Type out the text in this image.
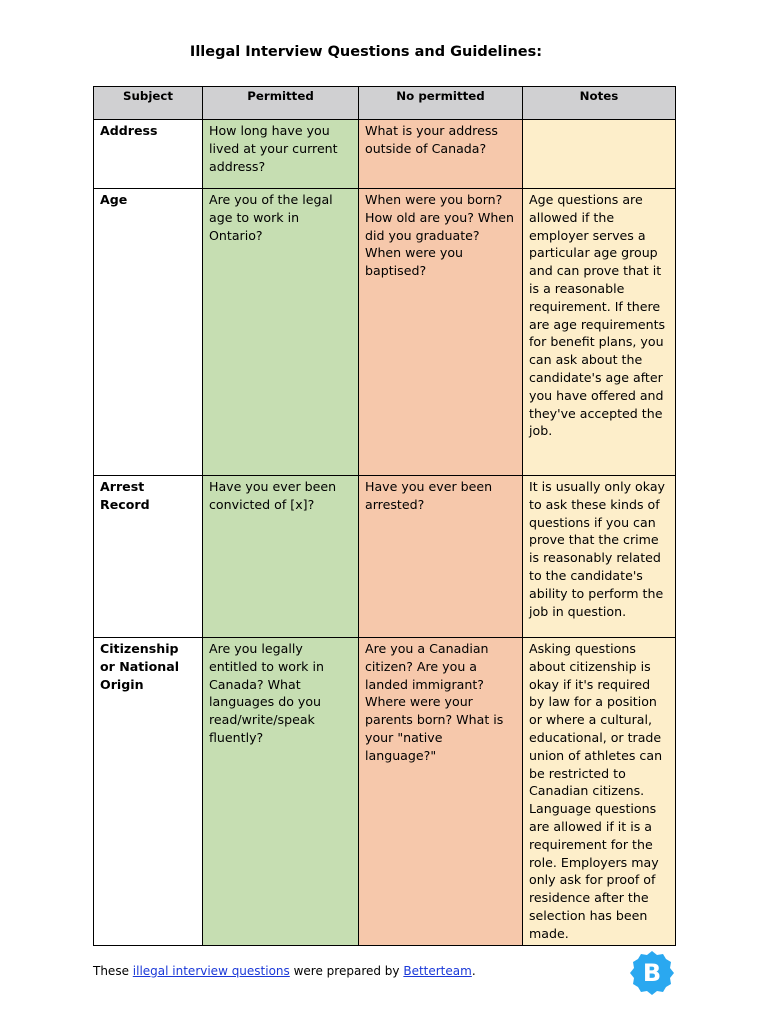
Illegal Interview Questions and Guidelines:
Subject	Permitted	No permitted	Notes
Address	How long have you lived at your current address?	What is your address outside of Canada?	
Age	Are you of the legal age to work in Ontario?	When were you born? How old are you? When did you graduate? When were you baptised?	Age questions are allowed if the employer serves a particular age group and can prove that it is a reasonable requirement. If there are age requirements for benefit plans, you can ask about the candidate's age after you have offered and they've accepted the job.
Arrest Record	Have you ever been convicted of [x]?	Have you ever been arrested?	It is usually only okay to ask these kinds of questions if you can prove that the crime is reasonably related to the candidate's ability to perform the job in question.
Citizenship or National Origin	Are you legally entitled to work in Canada? What languages do you read/write/speak fluently?	Are you a Canadian citizen? Are you a landed immigrant? Where were your parents born? What is your "native language?"	Asking questions about citizenship is okay if it's required by law for a position or where a cultural, educational, or trade union of athletes can be restricted to Canadian citizens. Language questions are allowed if it is a requirement for the role. Employers may only ask for proof of residence after the selection has been made.
These illegal interview questions were prepared by Betterteam.	B
